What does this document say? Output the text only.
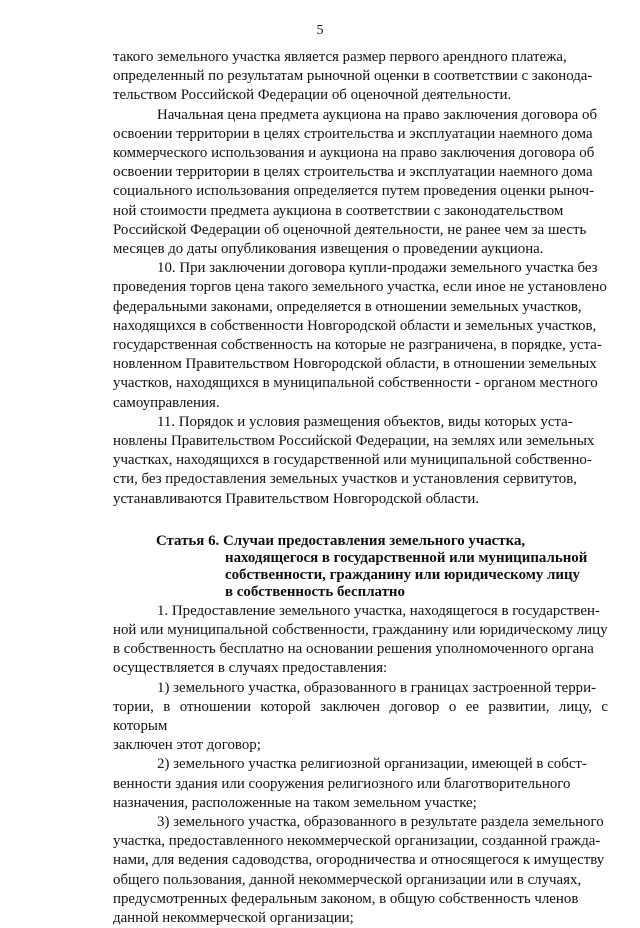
5

такого земельного участка является размер первого арендного платежа,
определенный по результатам рыночной оценки в соответствии с законода-
тельством Российской Федерации об оценочной деятельности.

Начальная цена предмета аукциона на право заключения договора об
освоении территории в целях строительства и эксплуатации наемного дома
коммерческого использования и аукциона на право заключения договора об
освоении территории в целях строительства и эксплуатации наемного дома
социального использования определяется путем проведения оценки рыноч-
ной стоимости предмета аукциона в соответствии с законодательством
Российской Федерации об оценочной деятельности, не ранее чем за шесть
месяцев до даты опубликования извещения о проведении аукциона.

10. При заключении договора купли-продажи земельного участка без
проведения торгов цена такого земельного участка, если иное не установлено
федеральными законами, определяется в отношении земельных участков,
находящихся в собственности Новгородской области и земельных участков,
государственная собственность на которые не разграничена, в порядке, уста-
новленном Правительством Новгородской области, в отношении земельных
участков, находящихся в муниципальной собственности - органом местного
самоуправления.

11. Порядок и условия размещения объектов, виды которых уста-
новлены Правительством Российской Федерации, на землях или земельных
участках, находящихся в государственной или муниципальной собственно-
сти, без предоставления земельных участков и установления сервитутов,
устанавливаются Правительством Новгородской области.

Статья 6. Случаи предоставления земельного участка,
находящегося в государственной или муниципальной
собственности, гражданину или юридическому лицу
в собственность бесплатно

1. Предоставление земельного участка, находящегося в государствен-
ной или муниципальной собственности, гражданину или юридическому лицу
в собственность бесплатно на основании решения уполномоченного органа
осуществляется в случаях предоставления:

1) земельного участка, образованного в границах застроенной терри-
тории, в отношении которой заключен договор о ее развитии, лицу, с которым
заключен этот договор;

2) земельного участка религиозной организации, имеющей в собст-
венности здания или сооружения религиозного или благотворительного
назначения, расположенные на таком земельном участке;

3) земельного участка, образованного в результате раздела земельного
участка, предоставленного некоммерческой организации, созданной гражда-
нами, для ведения садоводства, огородничества и относящегося к имуществу
общего пользования, данной некоммерческой организации или в случаях,
предусмотренных федеральным законом, в общую собственность членов
данной некоммерческой организации;
